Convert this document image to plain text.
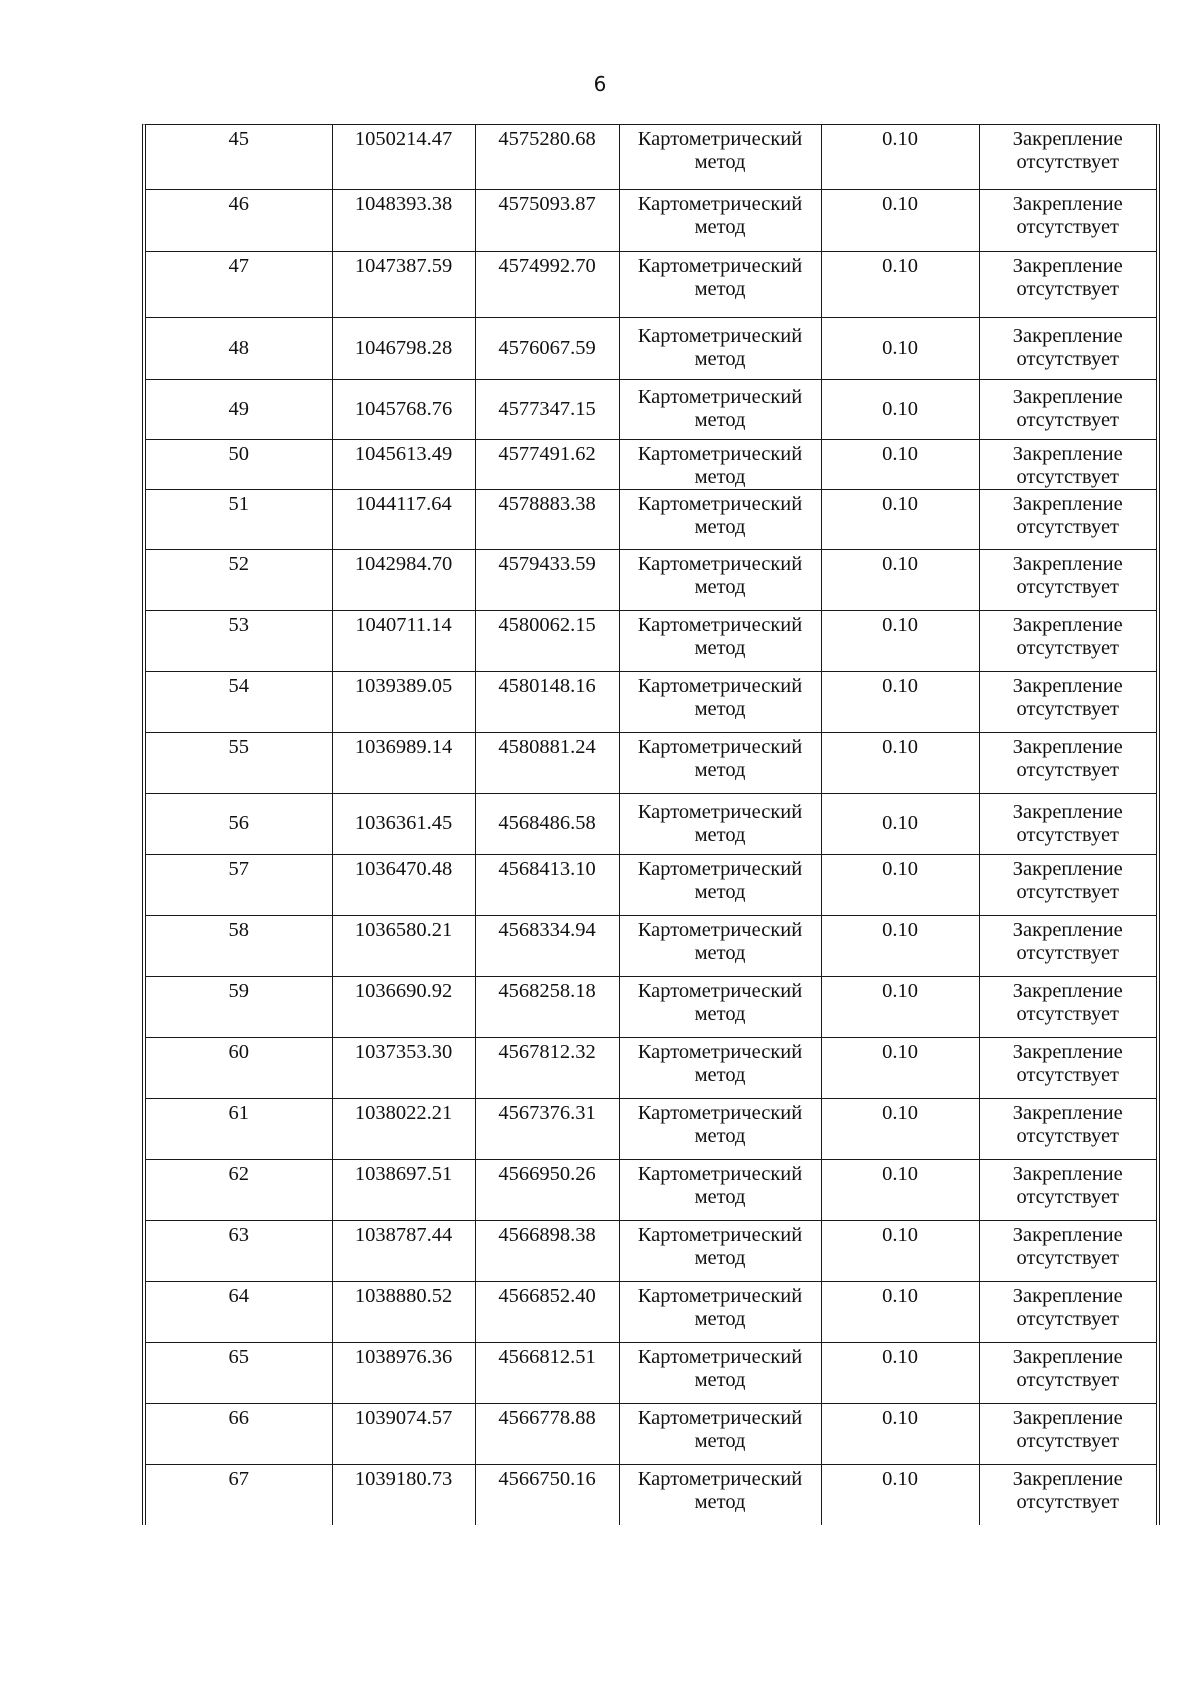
6
45	1050214.47	4575280.68	Картометрический метод	0.10	Закрепление отсутствует
46	1048393.38	4575093.87	Картометрический метод	0.10	Закрепление отсутствует
47	1047387.59	4574992.70	Картометрический метод	0.10	Закрепление отсутствует
48	1046798.28	4576067.59	Картометрический метод	0.10	Закрепление отсутствует
49	1045768.76	4577347.15	Картометрический метод	0.10	Закрепление отсутствует
50	1045613.49	4577491.62	Картометрический метод	0.10	Закрепление отсутствует
51	1044117.64	4578883.38	Картометрический метод	0.10	Закрепление отсутствует
52	1042984.70	4579433.59	Картометрический метод	0.10	Закрепление отсутствует
53	1040711.14	4580062.15	Картометрический метод	0.10	Закрепление отсутствует
54	1039389.05	4580148.16	Картометрический метод	0.10	Закрепление отсутствует
55	1036989.14	4580881.24	Картометрический метод	0.10	Закрепление отсутствует
56	1036361.45	4568486.58	Картометрический метод	0.10	Закрепление отсутствует
57	1036470.48	4568413.10	Картометрический метод	0.10	Закрепление отсутствует
58	1036580.21	4568334.94	Картометрический метод	0.10	Закрепление отсутствует
59	1036690.92	4568258.18	Картометрический метод	0.10	Закрепление отсутствует
60	1037353.30	4567812.32	Картометрический метод	0.10	Закрепление отсутствует
61	1038022.21	4567376.31	Картометрический метод	0.10	Закрепление отсутствует
62	1038697.51	4566950.26	Картометрический метод	0.10	Закрепление отсутствует
63	1038787.44	4566898.38	Картометрический метод	0.10	Закрепление отсутствует
64	1038880.52	4566852.40	Картометрический метод	0.10	Закрепление отсутствует
65	1038976.36	4566812.51	Картометрический метод	0.10	Закрепление отсутствует
66	1039074.57	4566778.88	Картометрический метод	0.10	Закрепление отсутствует
67	1039180.73	4566750.16	Картометрический метод	0.10	Закрепление отсутствует
